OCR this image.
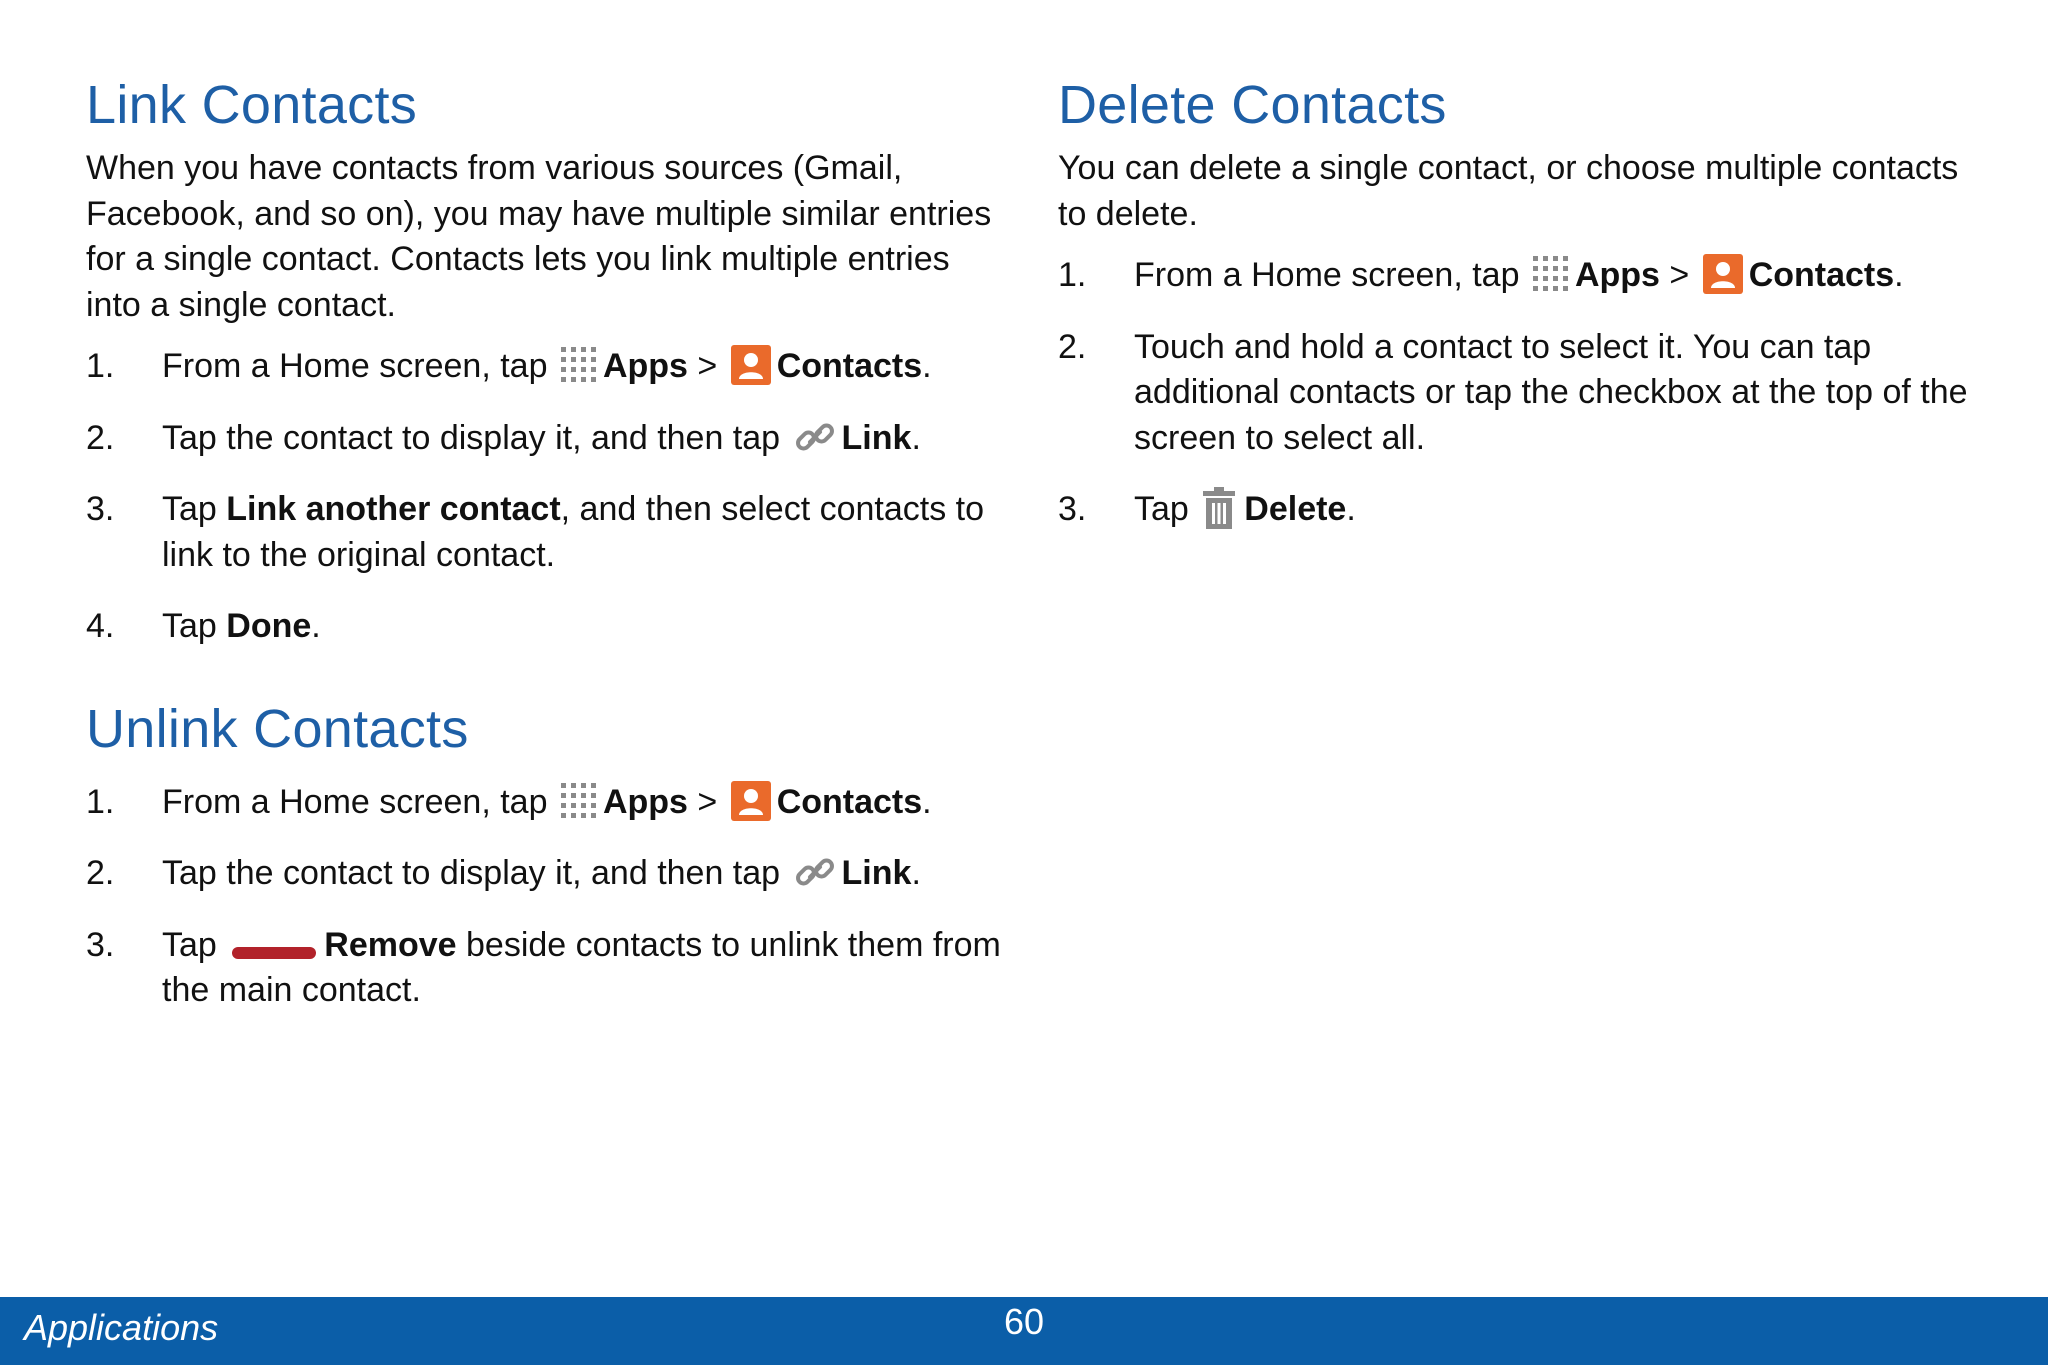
Link Contacts

When you have contacts from various sources (Gmail, Facebook, and so on), you may have multiple similar entries for a single contact. Contacts lets you link multiple entries into a single contact.

1. From a Home screen, tap Apps > Contacts.
2. Tap the contact to display it, and then tap Link.
3. Tap Link another contact, and then select contacts to link to the original contact.
4. Tap Done.
Unlink Contacts
1. From a Home screen, tap Apps > Contacts.
2. Tap the contact to display it, and then tap Link.
3. Tap	Remove beside contacts to unlink them from the main contact.
Delete Contacts

You can delete a single contact, or choose multiple contacts to delete.

1. From a Home screen, tap Apps > Contacts.
2. Touch and hold a contact to select it. You can tap additional contacts or tap the checkbox at the top of the screen to select all.
3. Tap Delete.
Applications	60
